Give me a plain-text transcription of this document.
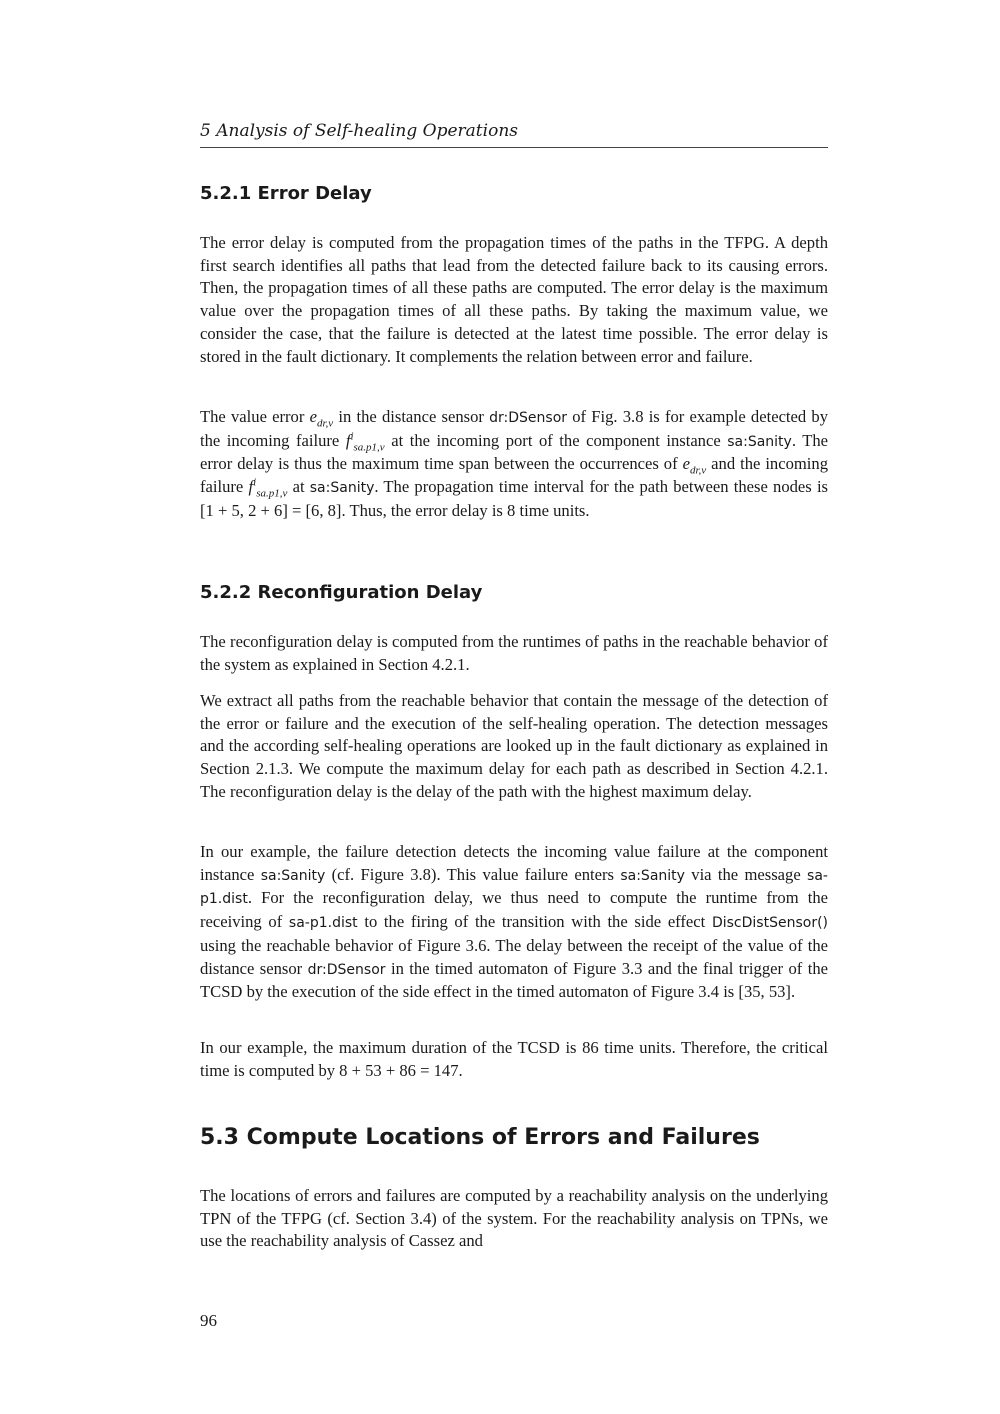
5 Analysis of Self-healing Operations
5.2.1 Error Delay

The error delay is computed from the propagation times of the paths in the TFPG. A depth first search identifies all paths that lead from the detected failure back to its causing errors. Then, the propagation times of all these paths are computed. The error delay is the maximum value over the propagation times of all these paths. By taking the maximum value, we consider the case, that the failure is detected at the latest time possible. The error delay is stored in the fault dictionary. It complements the relation between error and failure.

The value error $e_{dr,v}$ in the distance sensor dr:DSensor of Fig. 3.8 is for example detected by the incoming failure $f^i_{sa.p1,v}$ at the incoming port of the component instance sa:Sanity. The error delay is thus the maximum time span between the occurrences of $e_{dr,v}$ and the incoming failure $f^i_{sa.p1,v}$ at sa:Sanity. The propagation time interval for the path between these nodes is [1 + 5, 2 + 6] = [6, 8]. Thus, the error delay is 8 time units.

5.2.2 Reconfiguration Delay

The reconfiguration delay is computed from the runtimes of paths in the reachable behavior of the system as explained in Section 4.2.1.

We extract all paths from the reachable behavior that contain the message of the detection of the error or failure and the execution of the self-healing operation. The detection messages and the according self-healing operations are looked up in the fault dictionary as explained in Section 2.1.3. We compute the maximum delay for each path as described in Section 4.2.1. The reconfiguration delay is the delay of the path with the highest maximum delay.

In our example, the failure detection detects the incoming value failure at the component instance sa:Sanity (cf. Figure 3.8). This value failure enters sa:Sanity via the message sa-p1.dist. For the reconfiguration delay, we thus need to compute the runtime from the receiving of sa-p1.dist to the firing of the transition with the side effect DiscDistSensor() using the reachable behavior of Figure 3.6. The delay between the receipt of the value of the distance sensor dr:DSensor in the timed automaton of Figure 3.3 and the final trigger of the TCSD by the execution of the side effect in the timed automaton of Figure 3.4 is [35, 53].

In our example, the maximum duration of the TCSD is 86 time units. Therefore, the critical time is computed by 8 + 53 + 86 = 147.

5.3 Compute Locations of Errors and Failures

The locations of errors and failures are computed by a reachability analysis on the underlying TPN of the TFPG (cf. Section 3.4) of the system. For the reachability analysis on TPNs, we use the reachability analysis of Cassez and

96
